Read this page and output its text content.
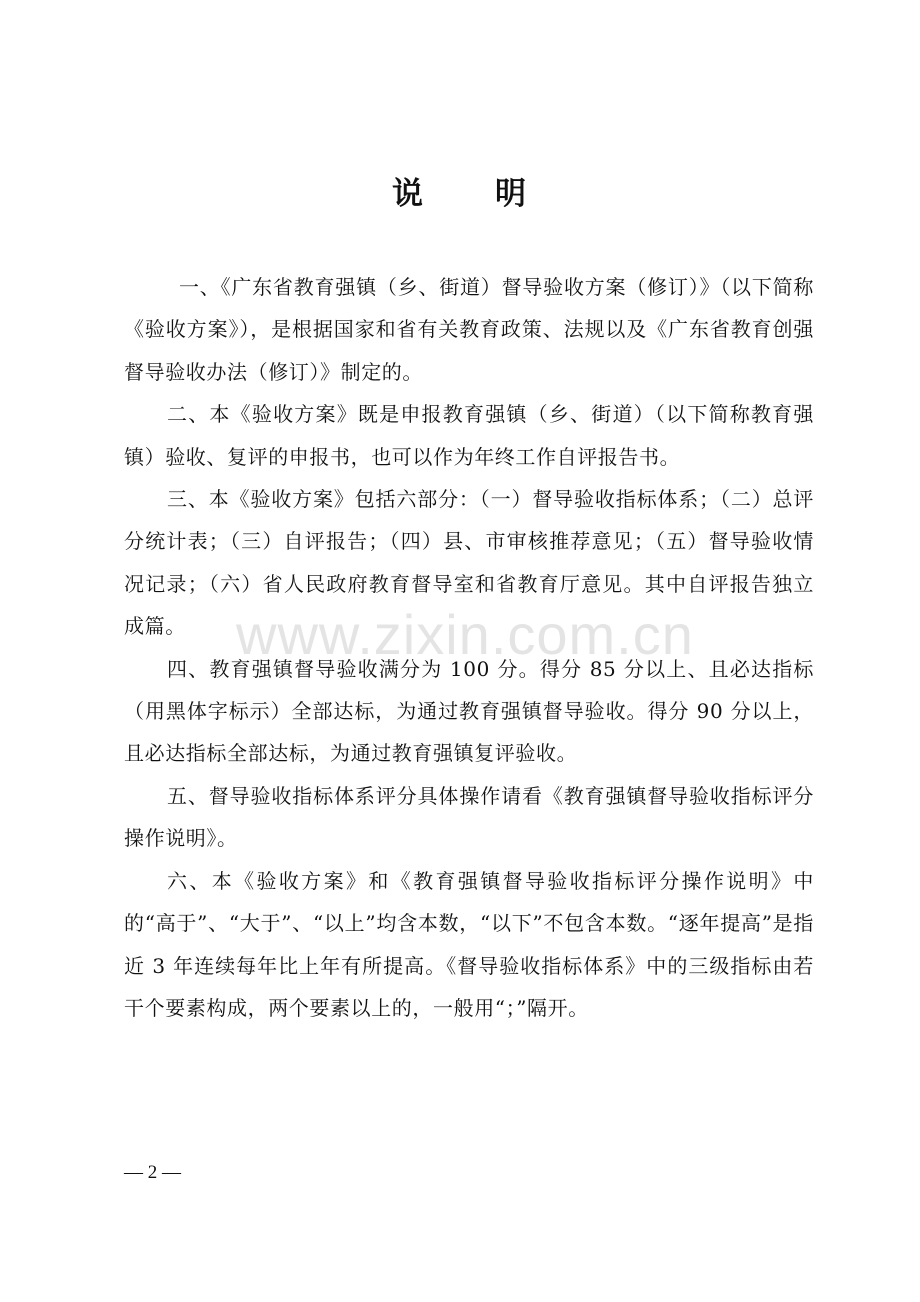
说 明

一、《广东省教育强镇（乡、街道）督导验收方案（修订）》（以下简称《验收方案》），是根据国家和省有关教育政策、法规以及《广东省教育创强督导验收办法（修订）》制定的。

二、本《验收方案》既是申报教育强镇（乡、街道）（以下简称教育强镇）验收、复评的申报书，也可以作为年终工作自评报告书。

三、本《验收方案》包括六部分：（一）督导验收指标体系；（二）总评分统计表；（三）自评报告；（四）县、市审核推荐意见；（五）督导验收情况记录；（六）省人民政府教育督导室和省教育厅意见。其中自评报告独立成篇。

四、教育强镇督导验收满分为 100 分。得分 85 分以上、且必达指标（用黑体字标示）全部达标，为通过教育强镇督导验收。得分 90 分以上，且必达指标全部达标，为通过教育强镇复评验收。

五、督导验收指标体系评分具体操作请看《教育强镇督导验收指标评分操作说明》。

六、本《验收方案》和《教育强镇督导验收指标评分操作说明》中的“高于”、“大于”、“以上”均含本数，“以下”不包含本数。“逐年提高”是指近 3 年连续每年比上年有所提高。《督导验收指标体系》中的三级指标由若干个要素构成，两个要素以上的，一般用“；”隔开。

www.zixin.com.cn
— 2 —
